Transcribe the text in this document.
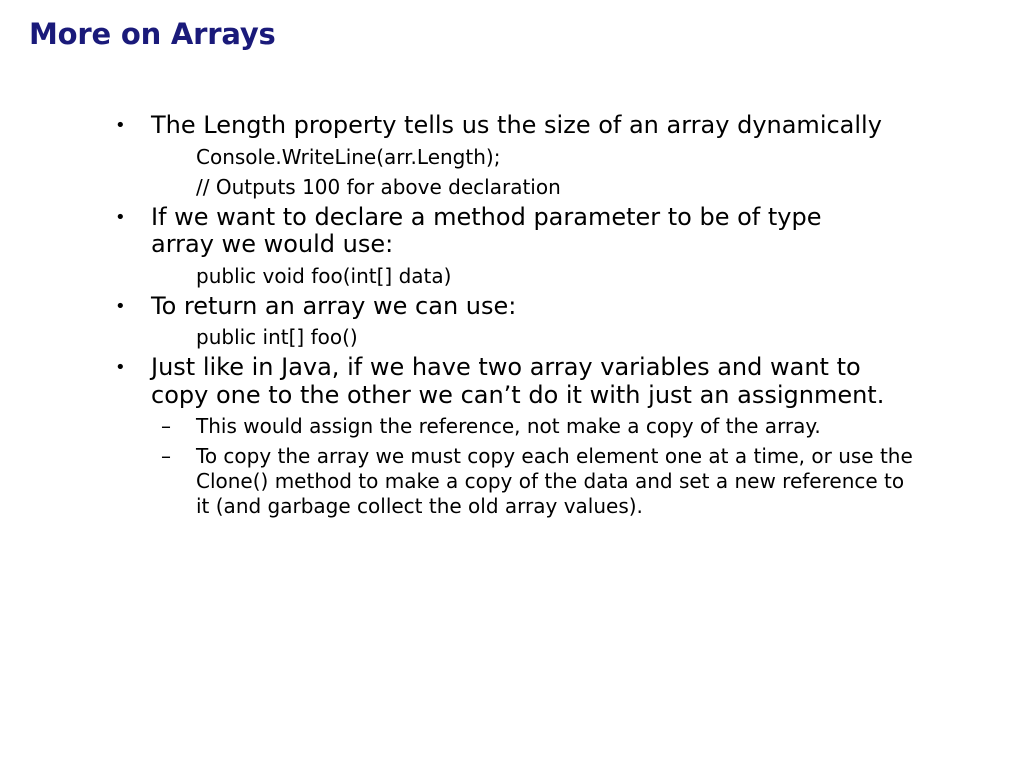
More on Arrays
• The Length property tells us the size of an array dynamically
Console.WriteLine(arr.Length);
// Outputs 100 for above declaration
• If we want to declare a method parameter to be of type array we would use:
public void foo(int[] data)
• To return an array we can use:
public int[] foo()
• Just like in Java, if we have two array variables and want to copy one to the other we can’t do it with just an assignment.
– This would assign the reference, not make a copy of the array.
– To copy the array we must copy each element one at a time, or use the Clone() method to make a copy of the data and set a new reference to it (and garbage collect the old array values).
